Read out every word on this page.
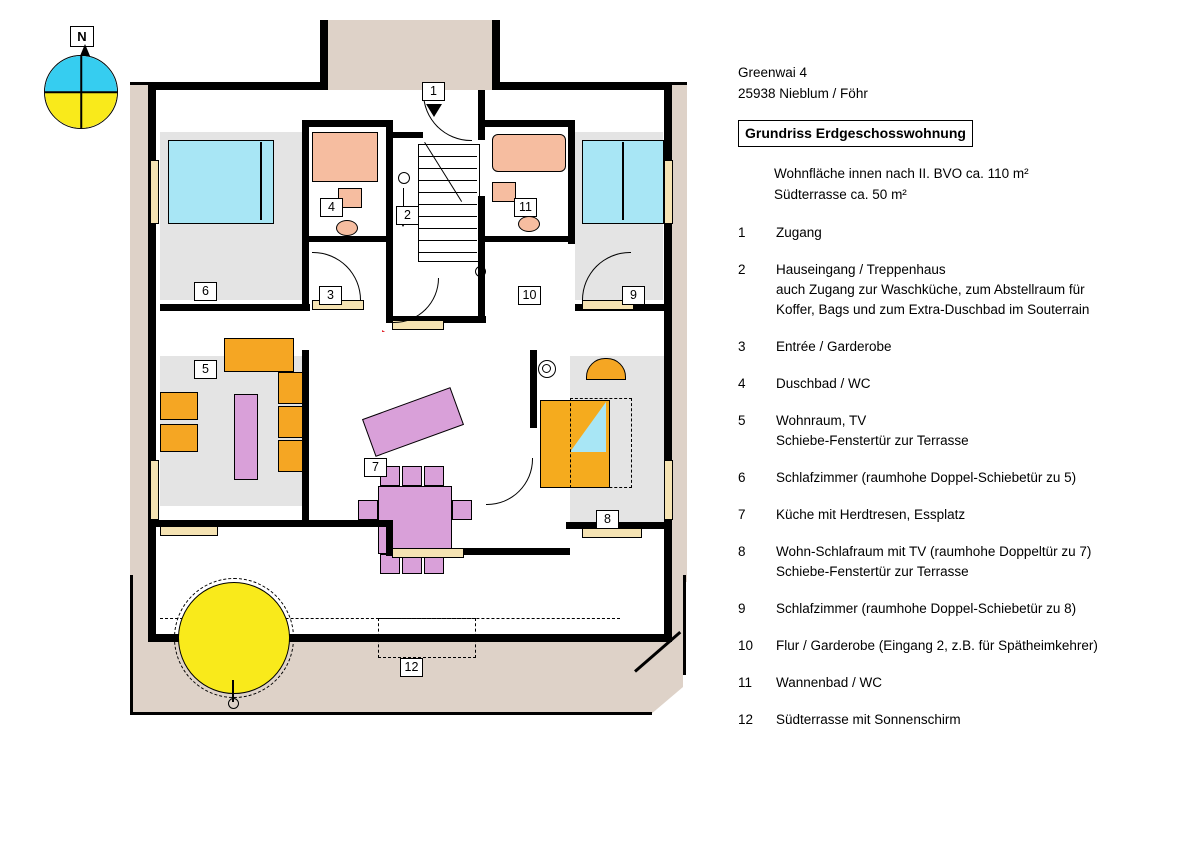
N
1
2
3
4
5
6
7
8
9
10
11
12
Greenwai 4
25938 Nieblum / Föhr
Grundriss Erdgeschosswohnung
Wohnfläche innen nach II. BVO ca. 110 m²
Südterrasse ca. 50 m²
1	Zugang

2	Hauseingang / Treppenhaus
auch Zugang zur Waschküche, zum Abstellraum für
Koffer, Bags und zum Extra-Duschbad im Souterrain

3	Entrée / Garderobe

4	Duschbad / WC

5	Wohnraum, TV
Schiebe-Fenstertür zur Terrasse

6	Schlafzimmer (raumhohe Doppel-Schiebetür zu 5)

7	Küche mit Herdtresen, Essplatz

8	Wohn-Schlafraum mit TV (raumhohe Doppeltür zu 7)
Schiebe-Fenstertür zur Terrasse

9	Schlafzimmer (raumhohe Doppel-Schiebetür zu 8)

10	Flur / Garderobe (Eingang 2, z.B. für Spätheimkehrer)

11	Wannenbad / WC

12	Südterrasse mit Sonnenschirm
